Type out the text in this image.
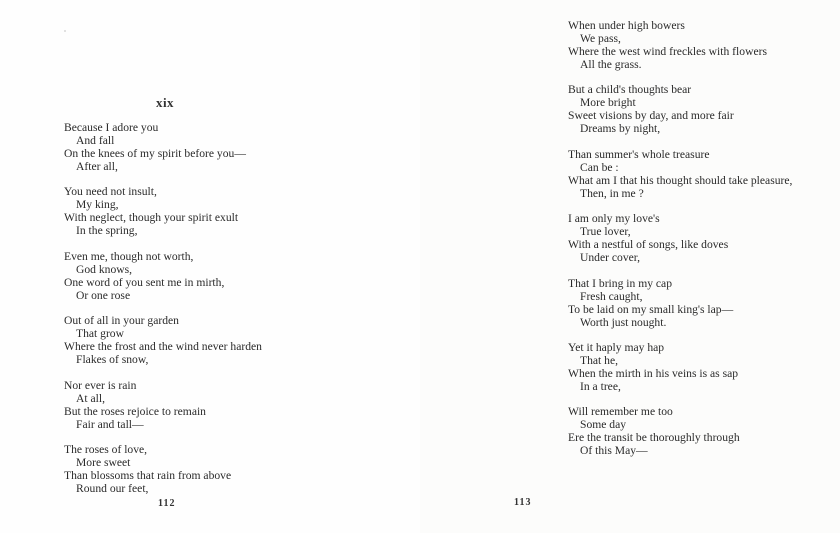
xix
Because I adore you
And fall
On the knees of my spirit before you—
After all,
You need not insult,
My king,
With neglect, though your spirit exult
In the spring,
Even me, though not worth,
God knows,
One word of you sent me in mirth,
Or one rose
Out of all in your garden
That grow
Where the frost and the wind never harden
Flakes of snow,
Nor ever is rain
At all,
But the roses rejoice to remain
Fair and tall—
The roses of love,
More sweet
Than blossoms that rain from above
Round our feet,
112
When under high bowers
We pass,
Where the west wind freckles with flowers
All the grass.
But a child's thoughts bear
More bright
Sweet visions by day, and more fair
Dreams by night,
Than summer's whole treasure
Can be :
What am I that his thought should take pleasure,
Then, in me ?
I am only my love's
True lover,
With a nestful of songs, like doves
Under cover,
That I bring in my cap
Fresh caught,
To be laid on my small king's lap—
Worth just nought.
Yet it haply may hap
That he,
When the mirth in his veins is as sap
In a tree,
Will remember me too
Some day
Ere the transit be thoroughly through
Of this May—
113
